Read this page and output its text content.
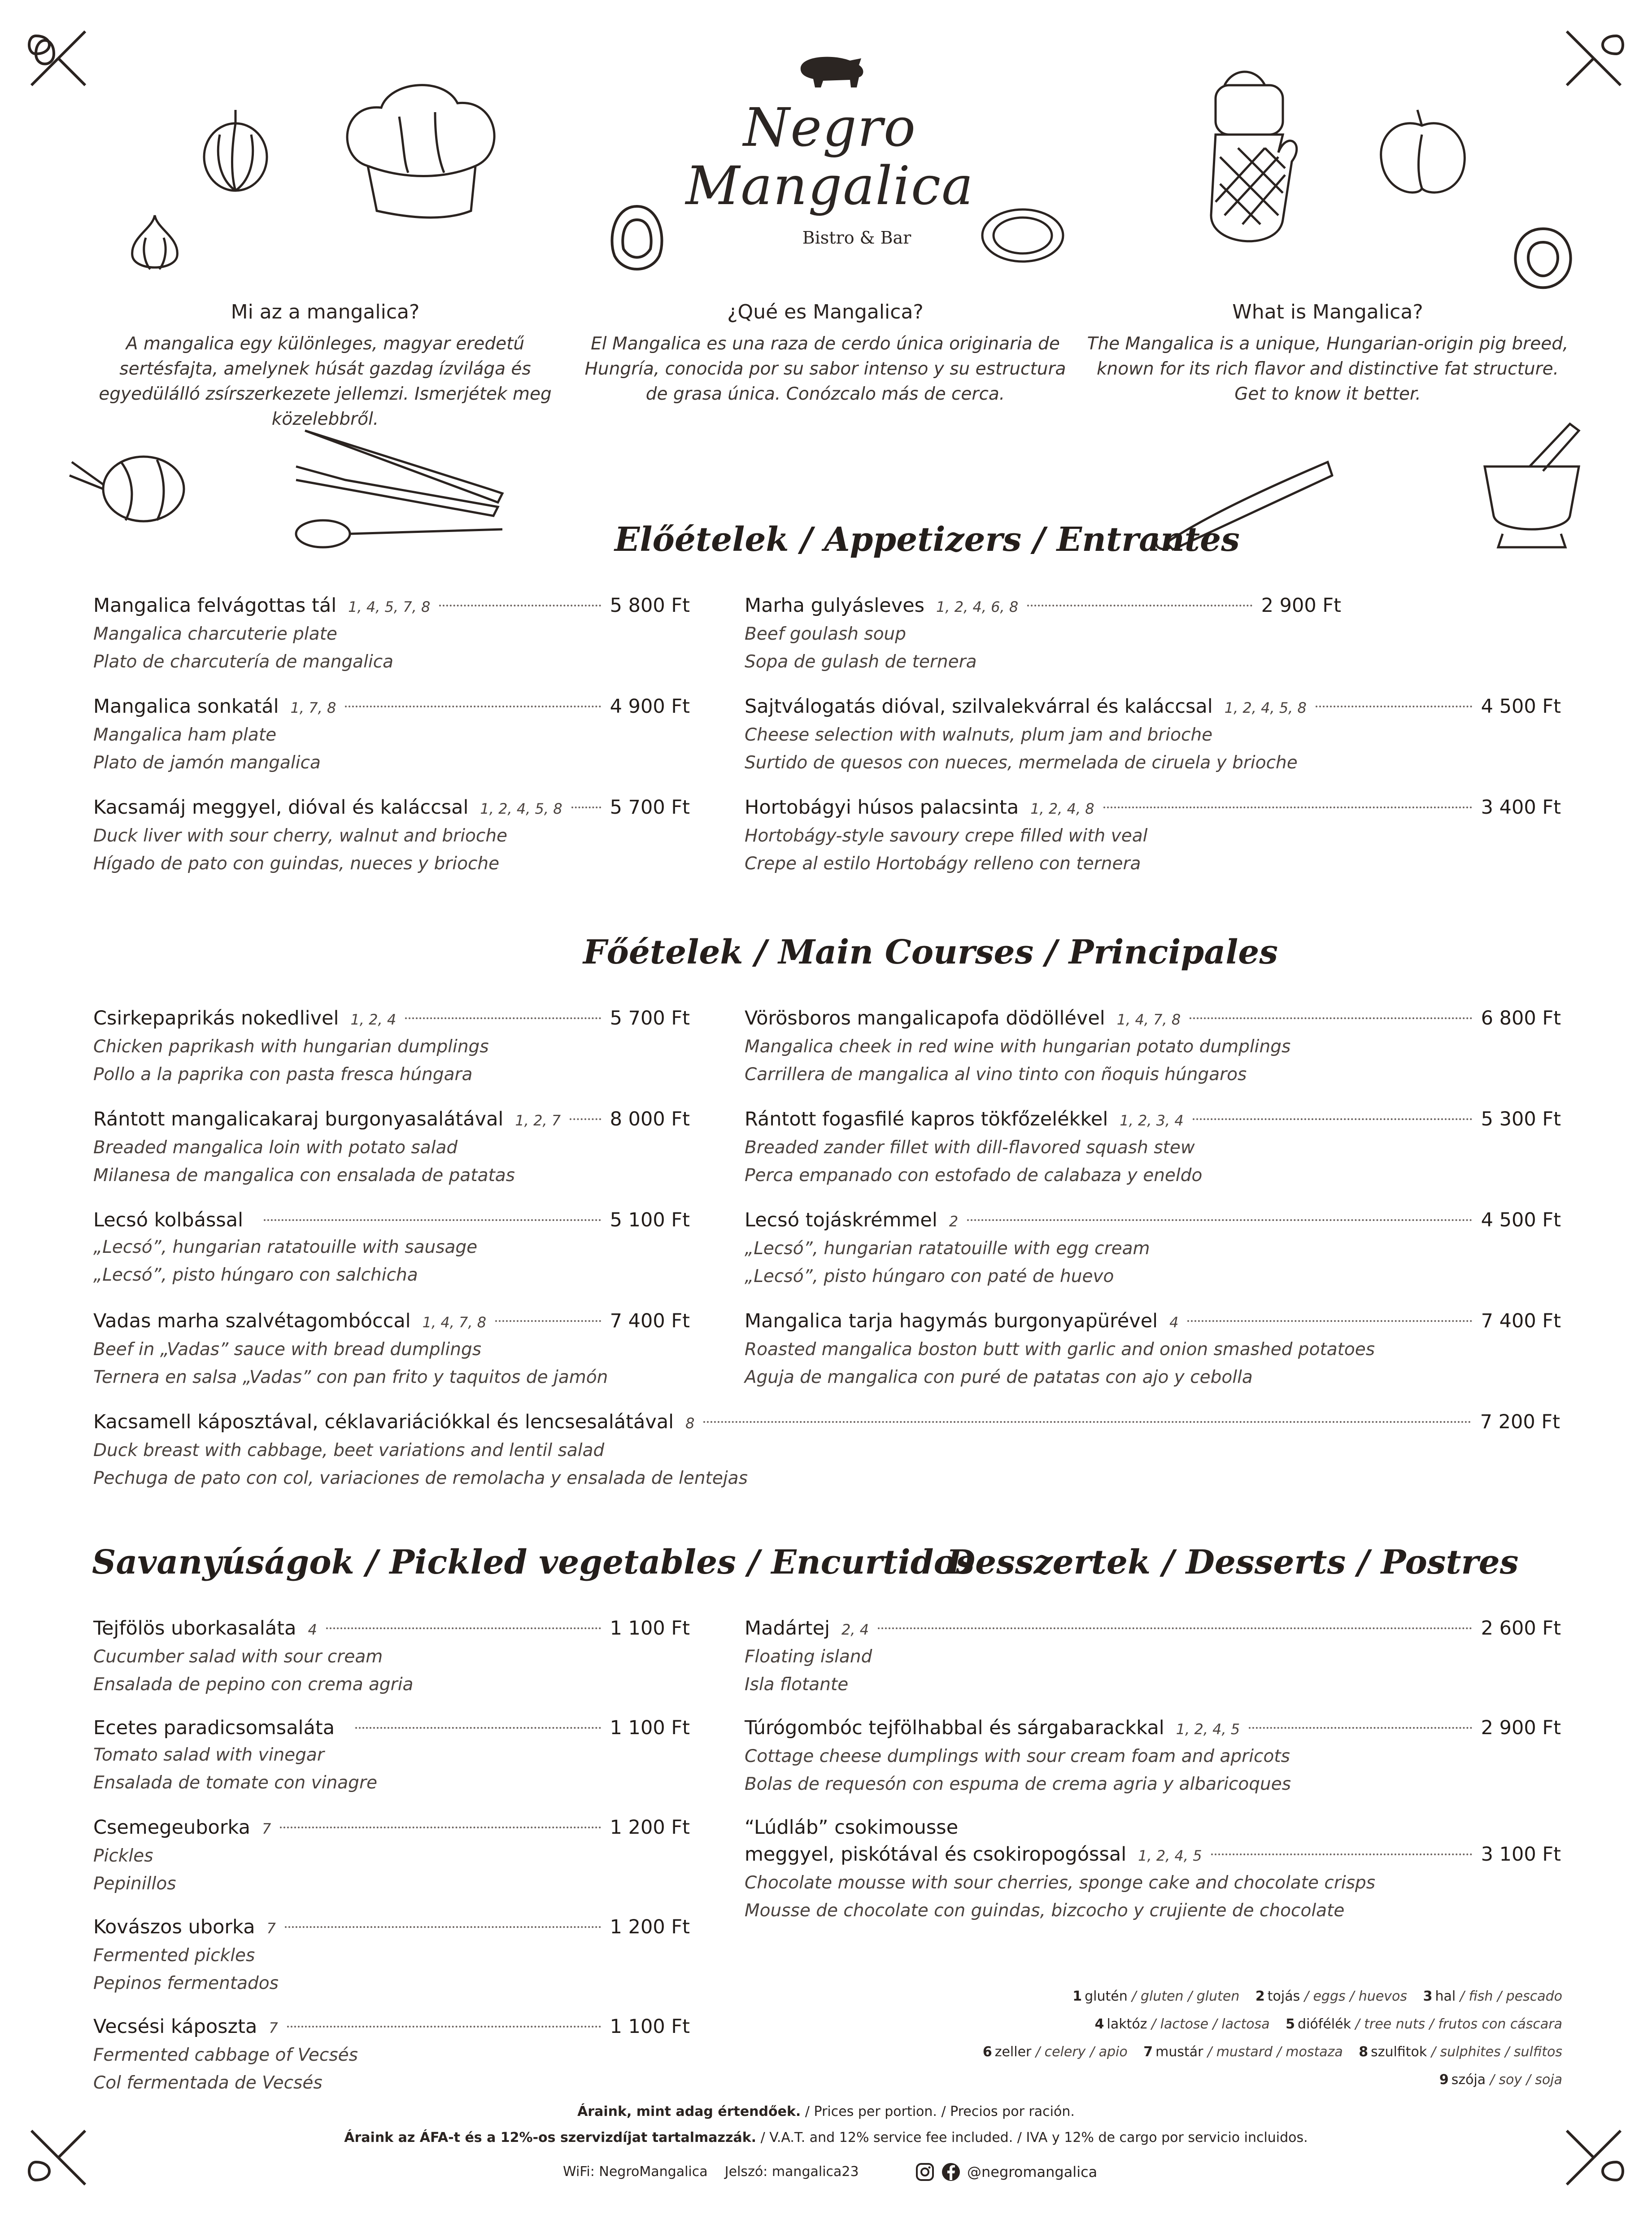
Negro Mangalica
Bistro & Bar
Mi az a mangalica?

A mangalica egy különleges, magyar eredetű sertésfajta, amelynek húsát gazdag ízvilága és egyedülálló zsírszerkezete jellemzi. Ismerjétek meg közelebbről.

¿Qué es Mangalica?

El Mangalica es una raza de cerdo única originaria de Hungría, conocida por su sabor intenso y su estructura de grasa única. Conózcalo más de cerca.

What is Mangalica?

The Mangalica is a unique, Hungarian-origin pig breed, known for its rich flavor and distinctive fat structure. Get to know it better.

Előételek / Appetizers / Entrantes
Főételek / Main Courses / Principales
Savanyúságok / Pickled vegetables / Encurtidos
Desszertek / Desserts / Postres
Mangalica felvágottas tál 1, 4, 5, 7, 8	5 800 Ft
Mangalica charcuterie plate
Plato de charcutería de mangalica
Mangalica sonkatál 1, 7, 8	4 900 Ft
Mangalica ham plate
Plato de jamón mangalica
Kacsamáj meggyel, dióval és kaláccsal 1, 2, 4, 5, 8 5 700 Ft
Duck liver with sour cherry, walnut and brioche
Hígado de pato con guindas, nueces y brioche
Marha gulyásleves 1, 2, 4, 6, 8	2 900 Ft
Beef goulash soup
Sopa de gulash de ternera
Sajtválogatás dióval, szilvalekvárral és kaláccsal 1, 2, 4, 5, 8	4 500 Ft
Cheese selection with walnuts, plum jam and brioche
Surtido de quesos con nueces, mermelada de ciruela y brioche
Hortobágyi húsos palacsinta 1, 2, 4, 8	3 400 Ft
Hortobágy-style savoury crepe filled with veal
Crepe al estilo Hortobágy relleno con ternera
Csirkepaprikás nokedlivel 1, 2, 4	5 700 Ft
Chicken paprikash with hungarian dumplings
Pollo a la paprika con pasta fresca húngara
Rántott mangalicakaraj burgonyasalátával 1, 2, 7	8 000 Ft
Breaded mangalica loin with potato salad
Milanesa de mangalica con ensalada de patatas
Lecsó kolbással	5 100 Ft
„Lecsó”, hungarian ratatouille with sausage
„Lecsó”, pisto húngaro con salchicha
Vadas marha szalvétagombóccal 1, 4, 7, 8	7 400 Ft
Beef in „Vadas” sauce with bread dumplings
Ternera en salsa „Vadas” con pan frito y taquitos de jamón
Vörösboros mangalicapofa dödöllével 1, 4, 7, 8	6 800 Ft
Mangalica cheek in red wine with hungarian potato dumplings
Carrillera de mangalica al vino tinto con ñoquis húngaros
Rántott fogasfilé kapros tökfőzelékkel 1, 2, 3, 4	5 300 Ft
Breaded zander fillet with dill-flavored squash stew
Perca empanado con estofado de calabaza y eneldo
Lecsó tojáskrémmel 2	4 500 Ft
„Lecsó”, hungarian ratatouille with egg cream
„Lecsó”, pisto húngaro con paté de huevo
Mangalica tarja hagymás burgonyapürével 4	7 400 Ft
Roasted mangalica boston butt with garlic and onion smashed potatoes
Aguja de mangalica con puré de patatas con ajo y cebolla
Kacsamell káposztával, céklavariációkkal és lencsesalátával 8	7 200 Ft
Duck breast with cabbage, beet variations and lentil salad
Pechuga de pato con col, variaciones de remolacha y ensalada de lentejas
Tejfölös uborkasaláta 4	1 100 Ft
Cucumber salad with sour cream
Ensalada de pepino con crema agria
Ecetes paradicsomsaláta	1 100 Ft
Tomato salad with vinegar
Ensalada de tomate con vinagre
Csemegeuborka 7	1 200 Ft
Pickles
Pepinillos
Kovászos uborka 7	1 200 Ft
Fermented pickles
Pepinos fermentados
Vecsési káposzta 7	1 100 Ft
Fermented cabbage of Vecsés
Col fermentada de Vecsés
Madártej 2, 4	2 600 Ft
Floating island
Isla flotante
Túrógombóc tejfölhabbal és sárgabarackkal 1, 2, 4, 5	2 900 Ft
Cottage cheese dumplings with sour cream foam and apricots
Bolas de requesón con espuma de crema agria y albaricoques
“Lúdláb” csokimousse
meggyel, piskótával és csokiropogóssal 1, 2, 4, 5	3 100 Ft
Chocolate mousse with sour cherries, sponge cake and chocolate crisps
Mousse de chocolate con guindas, bizcocho y crujiente de chocolate
1 glutén / gluten / gluten 2 tojás / eggs / huevos 3 hal / fish / pescado
4 laktóz / lactose / lactosa 5 diófélék / tree nuts / frutos con cáscara
6 zeller / celery / apio 7 mustár / mustard / mostaza 8 szulfitok / sulphites / sulfitos
9 szója / soy / soja
Áraink, mint adag értendőek. / Prices per portion. / Precios por ración.
Áraink az ÁFA-t és a 12%-os szervizdíjat tartalmazzák. / V.A.T. and 12% service fee included. / IVA y 12% de cargo por servicio incluidos.
WiFi: NegroMangalica Jelszó: mangalica23	@negromangalica
